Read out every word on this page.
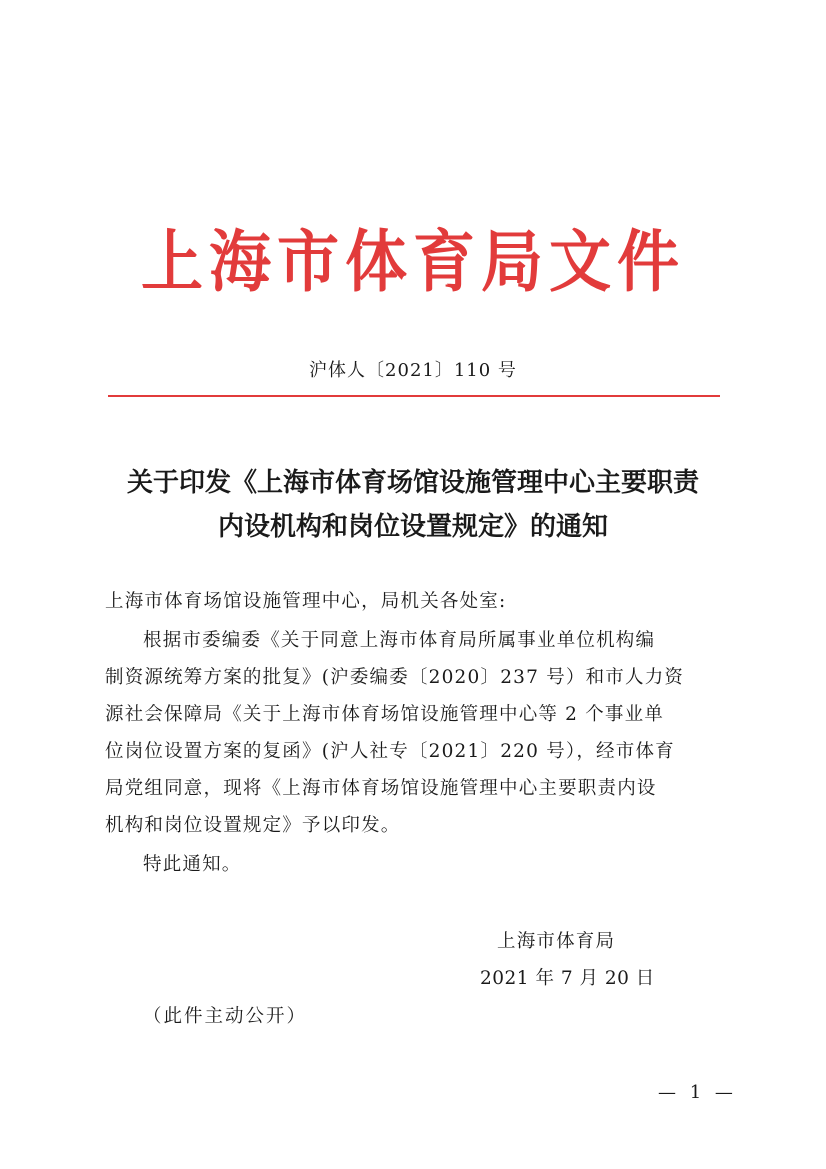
上海市体育局文件
沪体人〔2021〕110 号
关于印发《上海市体育场馆设施管理中心主要职责
内设机构和岗位设置规定》的通知
上海市体育场馆设施管理中心，局机关各处室:
根据市委编委《关于同意上海市体育局所属事业单位机构编
制资源统筹方案的批复》(沪委编委〔2020〕237 号）和市人力资
源社会保障局《关于上海市体育场馆设施管理中心等 2 个事业单
位岗位设置方案的复函》(沪人社专〔2021〕220 号），经市体育
局党组同意，现将《上海市体育场馆设施管理中心主要职责内设
机构和岗位设置规定》予以印发。
特此通知。
上海市体育局
2021 年 7 月 20 日
（此件主动公开）
— 1 —
